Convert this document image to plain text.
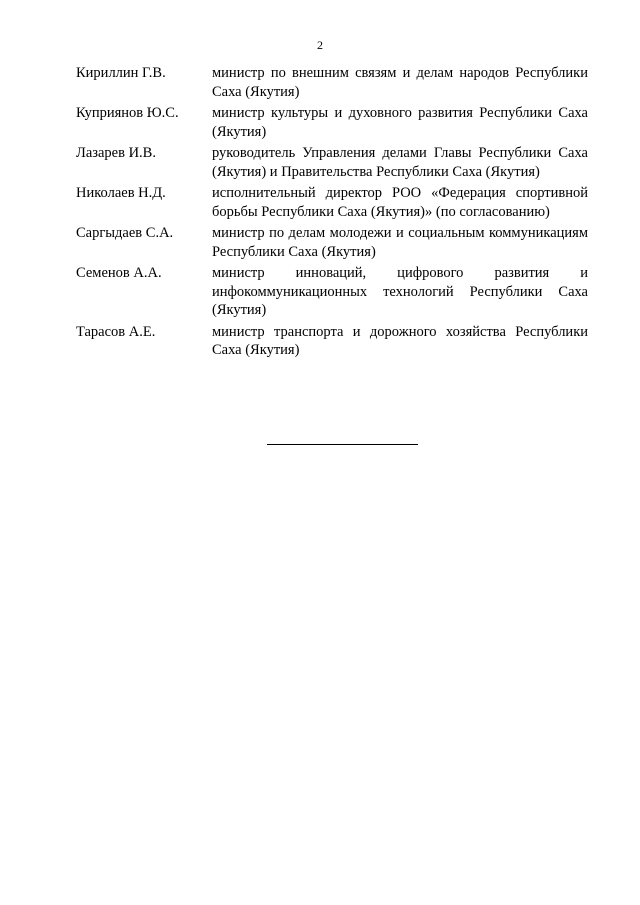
2
Кириллин Г.В.	министр по внешним связям и делам народов Республики Саха (Якутия)
Куприянов Ю.С.	министр культуры и духовного развития Республики Саха (Якутия)
Лазарев И.В.	руководитель Управления делами Главы Республики Саха (Якутия) и Правительства Республики Саха (Якутия)
Николаев Н.Д.	исполнительный директор РОО «Федерация спортивной борьбы Республики Саха (Якутия)» (по согласованию)
Саргыдаев С.А.	министр по делам молодежи и социальным коммуникациям Республики Саха (Якутия)
Семенов А.А.	министр инноваций, цифрового развития и инфокоммуникационных технологий Республики Саха (Якутия)
Тарасов А.Е.	министр транспорта и дорожного хозяйства Республики Саха (Якутия)
